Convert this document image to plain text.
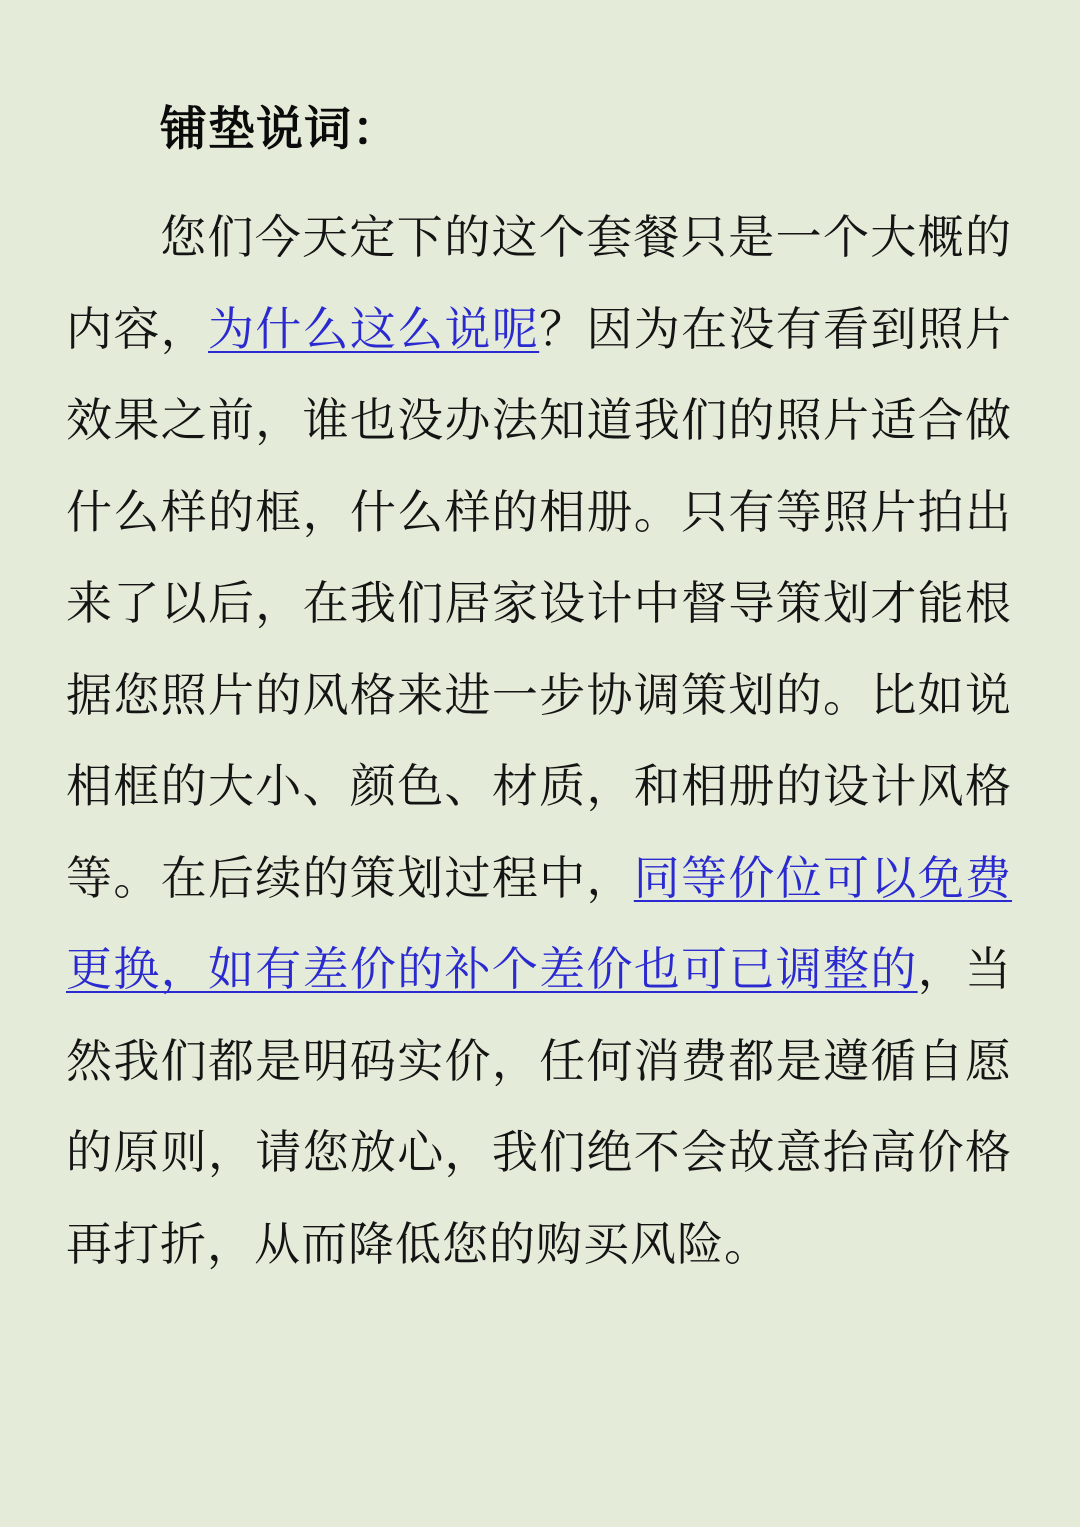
铺垫说词：

您们今天定下的这个套餐只是一个大概的内容，为什么这么说呢？因为在没有看到照片效果之前，谁也没办法知道我们的照片适合做什么样的框，什么样的相册。只有等照片拍出来了以后，在我们居家设计中督导策划才能根据您照片的风格来进一步协调策划的。比如说相框的大小、颜色、材质，和相册的设计风格等。在后续的策划过程中，同等价位可以免费更换，如有差价的补个差价也可已调整的，当然我们都是明码实价，任何消费都是遵循自愿的原则，请您放心，我们绝不会故意抬高价格再打折，从而降低您的购买风险。
